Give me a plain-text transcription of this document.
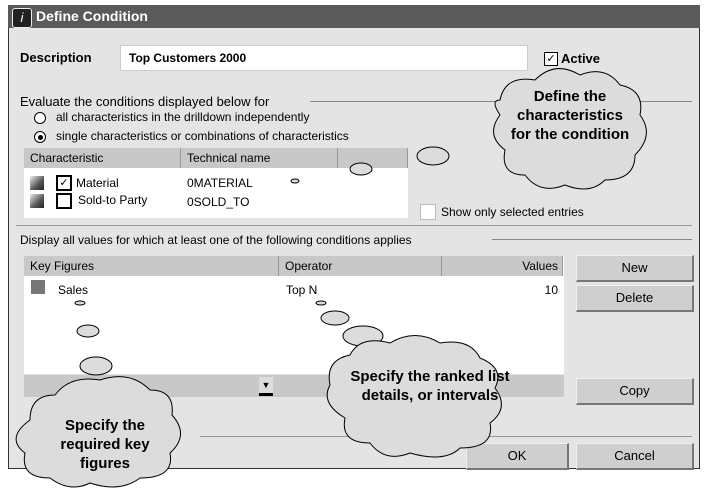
Define Condition
i
Description	Top Customers 2000	✓ Active
Evaluate the conditions displayed below for
all characteristics in the drilldown independently
single characteristics or combinations of characteristics
Characteristic	Technical name
✓ Material	0MATERIAL
Sold-to Party	0SOLD_TO
Show only selected entries
Display all values for which at least one of the following conditions applies
Key Figures	Operator	Values
Sales	Top N	10
▼
New
Delete
Copy
OK	Cancel
Define the characteristics for the condition
Specify the ranked list details, or intervals
Specify the required key figures
